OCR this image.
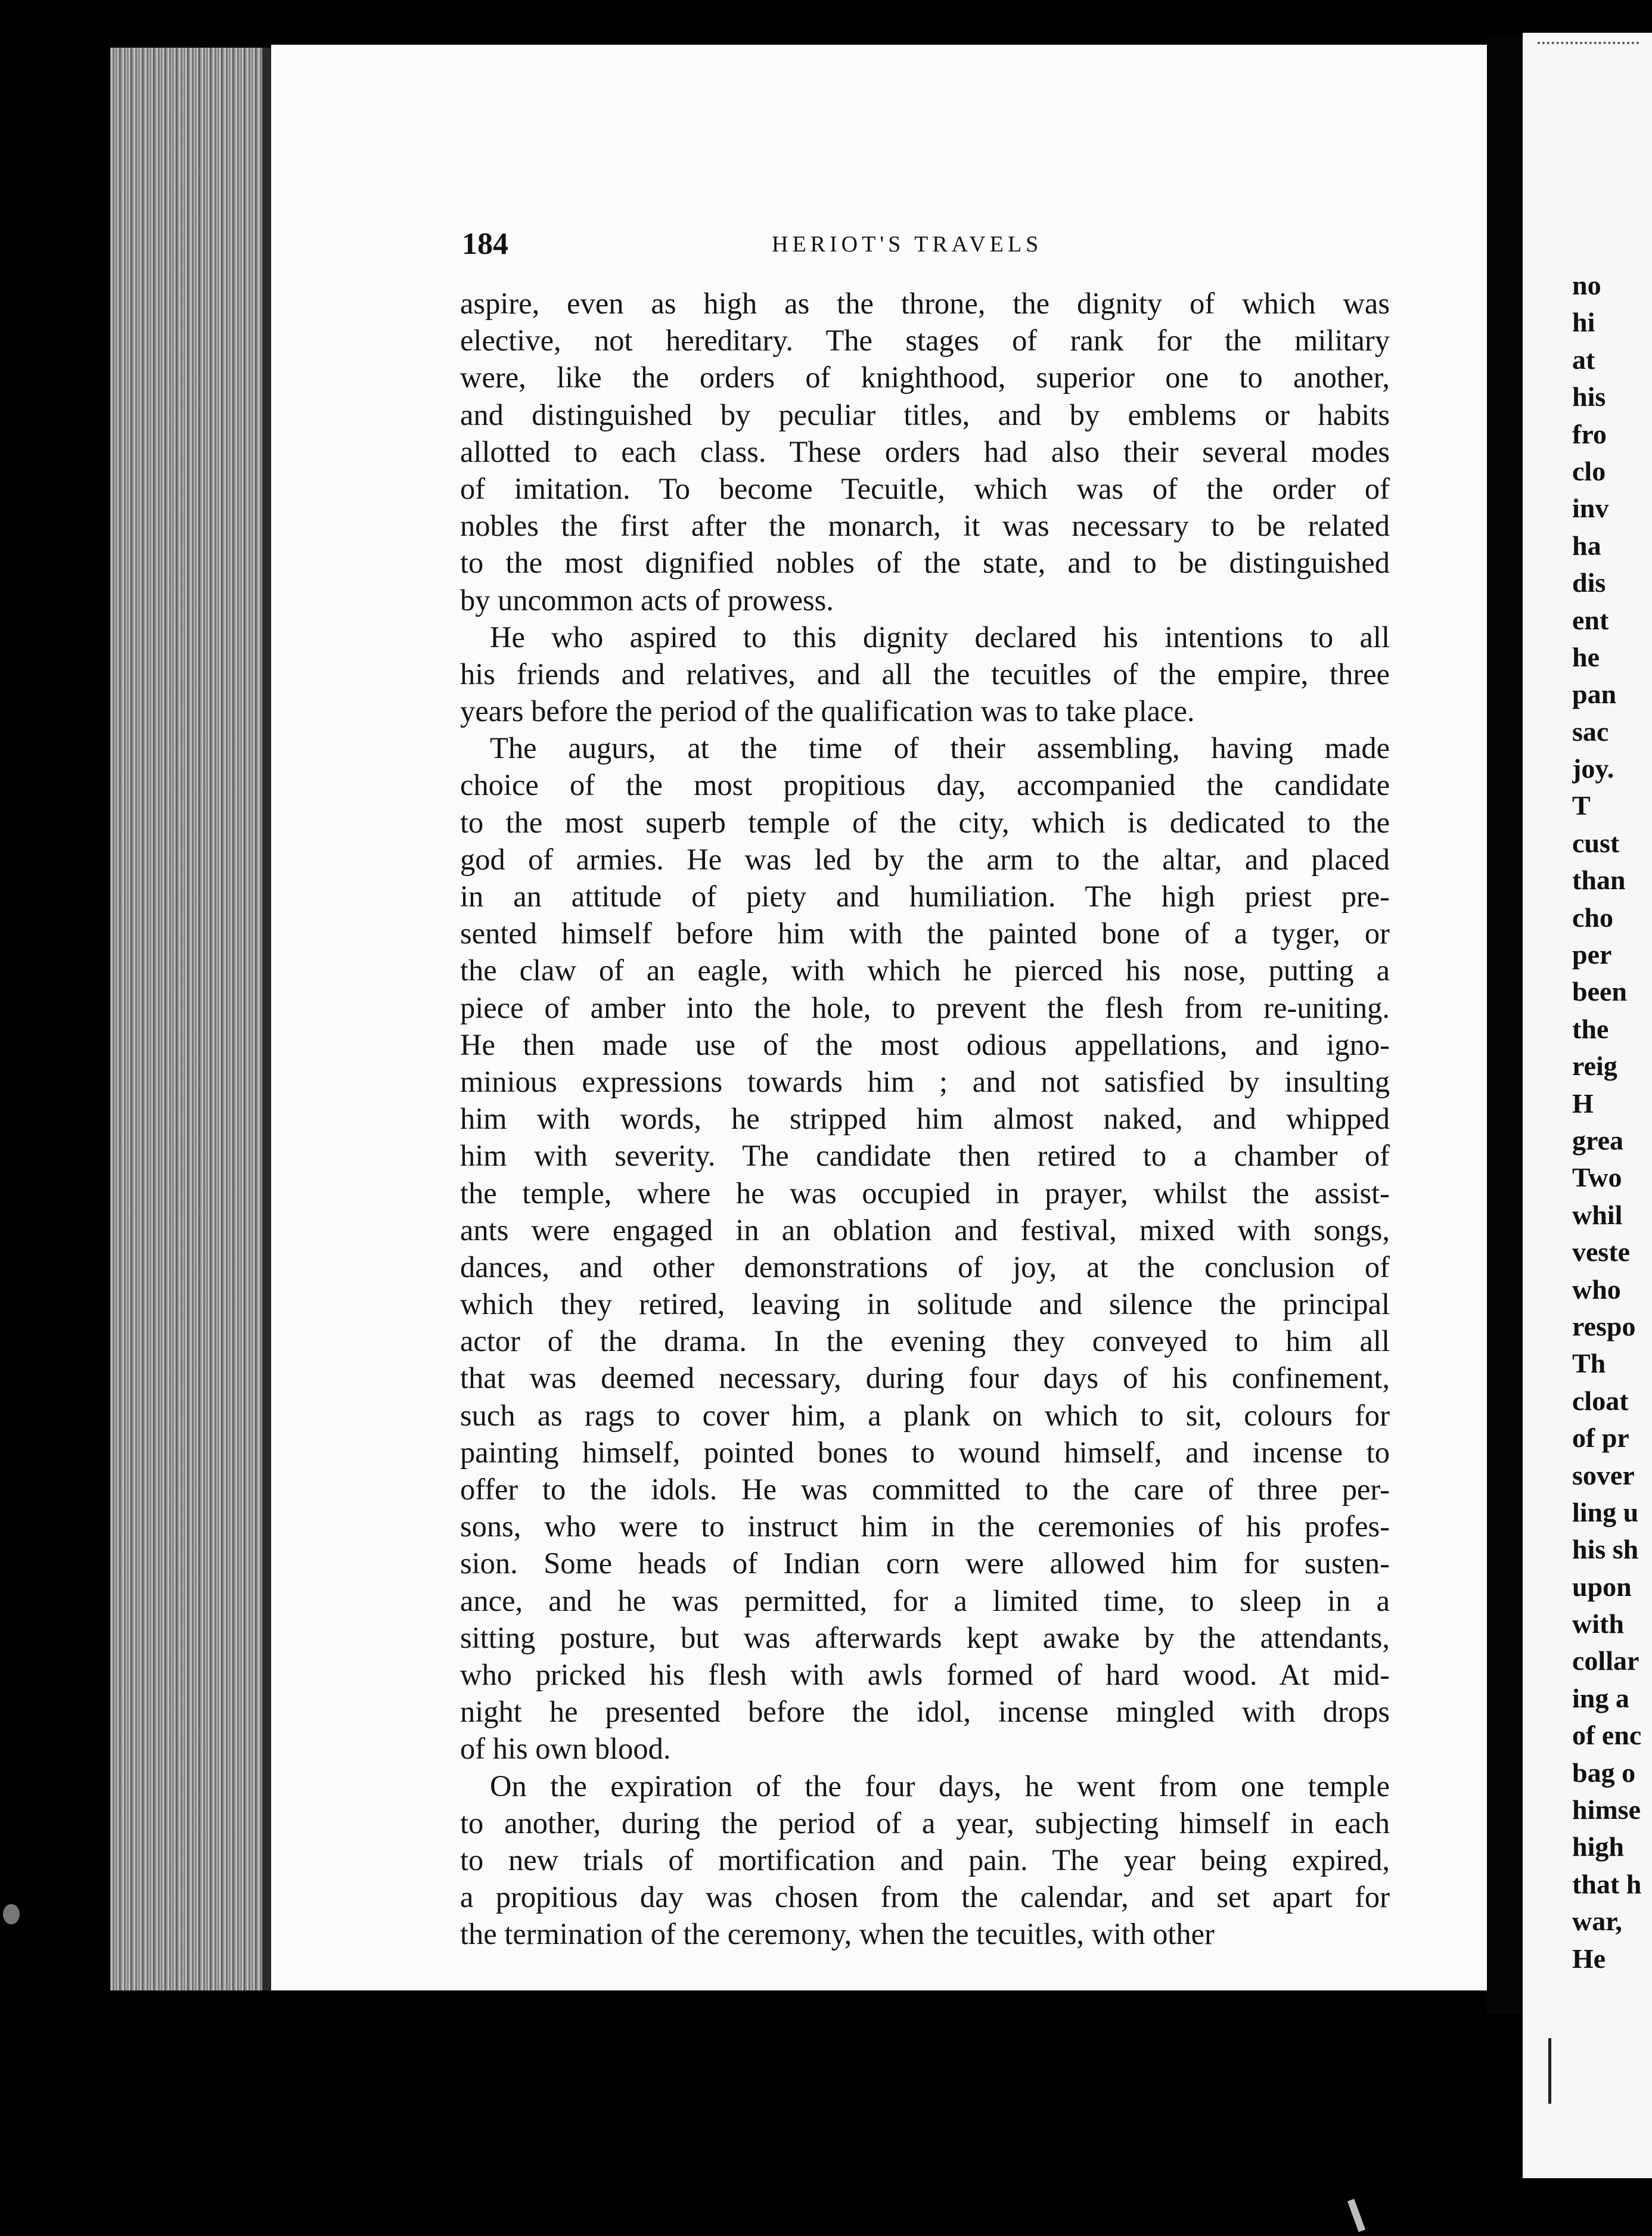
184	HERIOT'S TRAVELS
aspire, even as high as the throne, the dignity of which was
elective, not hereditary. The stages of rank for the military
were, like the orders of knighthood, superior one to another,
and distinguished by peculiar titles, and by emblems or habits
allotted to each class. These orders had also their several modes
of imitation. To become Tecuitle, which was of the order of
nobles the first after the monarch, it was necessary to be related
to the most dignified nobles of the state, and to be distinguished
by uncommon acts of prowess.
He who aspired to this dignity declared his intentions to all
his friends and relatives, and all the tecuitles of the empire, three
years before the period of the qualification was to take place.
The augurs, at the time of their assembling, having made
choice of the most propitious day, accompanied the candidate
to the most superb temple of the city, which is dedicated to the
god of armies. He was led by the arm to the altar, and placed
in an attitude of piety and humiliation. The high priest pre-
sented himself before him with the painted bone of a tyger, or
the claw of an eagle, with which he pierced his nose, putting a
piece of amber into the hole, to prevent the flesh from re-uniting.
He then made use of the most odious appellations, and igno-
minious expressions towards him ; and not satisfied by insulting
him with words, he stripped him almost naked, and whipped
him with severity. The candidate then retired to a chamber of
the temple, where he was occupied in prayer, whilst the assist-
ants were engaged in an oblation and festival, mixed with songs,
dances, and other demonstrations of joy, at the conclusion of
which they retired, leaving in solitude and silence the principal
actor of the drama. In the evening they conveyed to him all
that was deemed necessary, during four days of his confinement,
such as rags to cover him, a plank on which to sit, colours for
painting himself, pointed bones to wound himself, and incense to
offer to the idols. He was committed to the care of three per-
sons, who were to instruct him in the ceremonies of his profes-
sion. Some heads of Indian corn were allowed him for susten-
ance, and he was permitted, for a limited time, to sleep in a
sitting posture, but was afterwards kept awake by the attendants,
who pricked his flesh with awls formed of hard wood. At mid-
night he presented before the idol, incense mingled with drops
of his own blood.
On the expiration of the four days, he went from one temple
to another, during the period of a year, subjecting himself in each
to new trials of mortification and pain. The year being expired,
a propitious day was chosen from the calendar, and set apart for
the termination of the ceremony, when the tecuitles, with other
no
hi
at
his
fro
clo
inv
ha
dis
ent
he
pan
sac
joy.
T
cust
than
cho
per
been
the
reig
H
grea
Two
whil
veste
who
respo
Th
cloat
of pr
sover
ling u
his sh
upon
with
collar
ing a
of enc
bag o
himse
high
that h
war,
He
